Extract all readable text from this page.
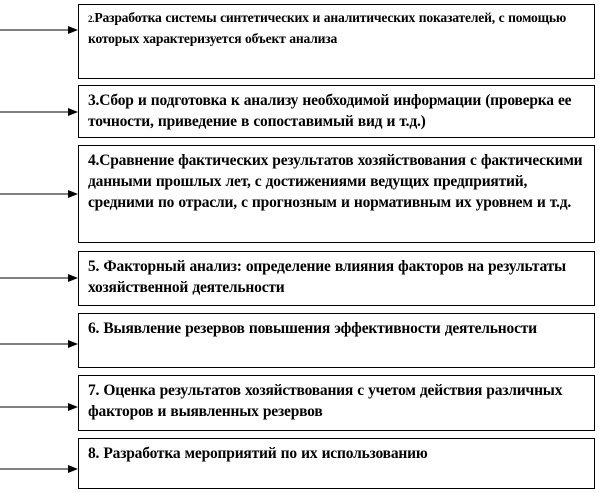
2.Разработка системы синтетических и аналитических показателей, с помощью которых характеризуется объект анализа
3.Сбор и подготовка к анализу необходимой информации (проверка ее точности, приведение в сопоставимый вид и т.д.)
4.Сравнение фактических результатов хозяйствования с фактическими данными прошлых лет, с достижениями ведущих предприятий, средними по отрасли, с прогнозным и нормативным их уровнем и т.д.
5. Факторный анализ: определение влияния факторов на результаты хозяйственной деятельности
6. Выявление резервов повышения эффективности деятельности
7. Оценка результатов хозяйствования с учетом действия различных факторов и выявленных резервов
8. Разработка мероприятий по их использованию
